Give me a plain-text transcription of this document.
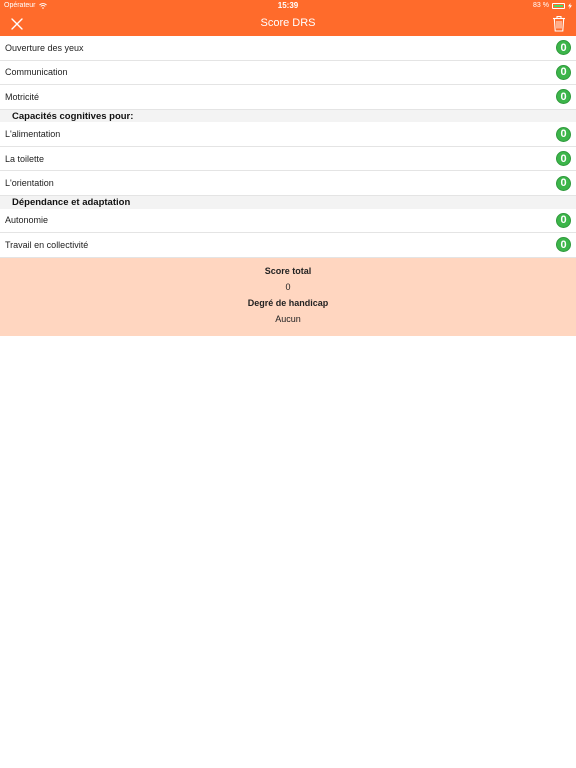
Opérateur	15:39	83 %
Score DRS
Ouverture des yeux	0
Communication	0
Motricité	0
Capacités cognitives pour:
L'alimentation	0
La toilette	0
L'orientation	0
Dépendance et adaptation
Autonomie	0
Travail en collectivité	0
Score total
0
Degré de handicap
Aucun
